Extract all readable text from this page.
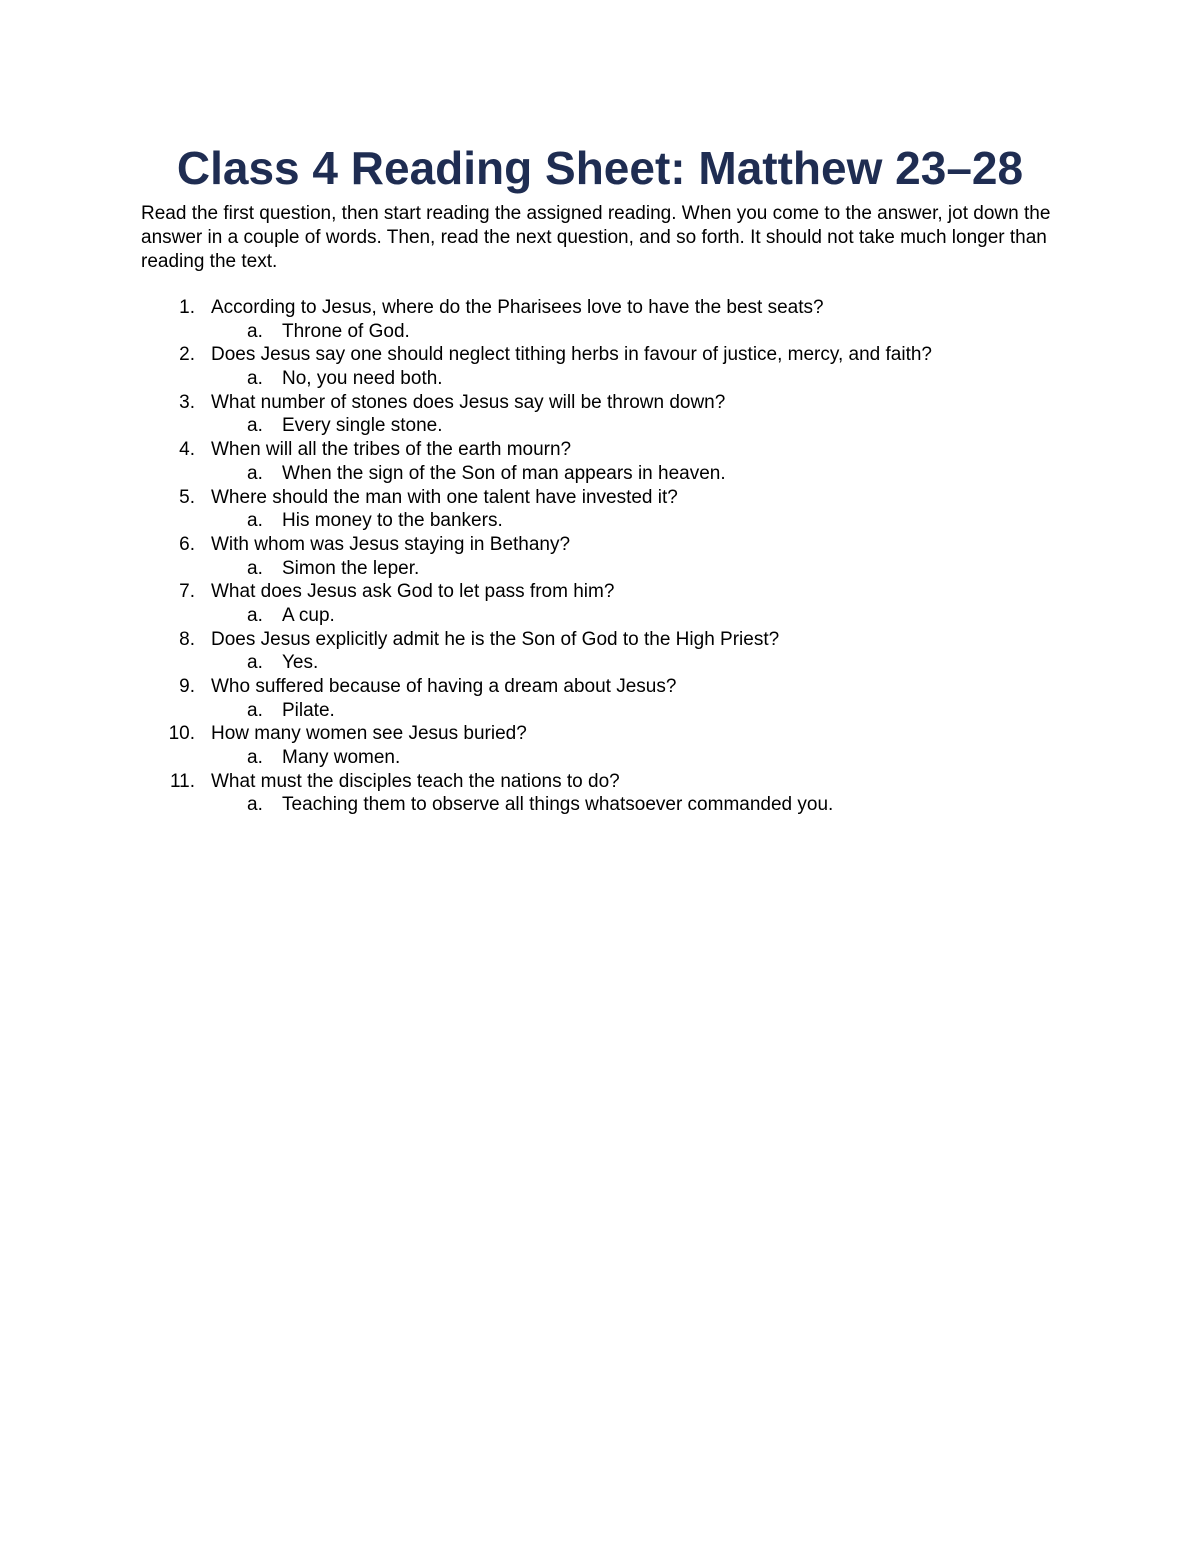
Class 4 Reading Sheet: Matthew 23–28

Read the first question, then start reading the assigned reading. When you come to the answer, jot down the answer in a couple of words. Then, read the next question, and so forth. It should not take much longer than reading the text.

1. According to Jesus, where do the Pharisees love to have the best seats?
a. Throne of God.
2. Does Jesus say one should neglect tithing herbs in favour of justice, mercy, and faith?
a. No, you need both.
3. What number of stones does Jesus say will be thrown down?
a. Every single stone.
4. When will all the tribes of the earth mourn?
a. When the sign of the Son of man appears in heaven.
5. Where should the man with one talent have invested it?
a. His money to the bankers.
6. With whom was Jesus staying in Bethany?
a. Simon the leper.
7. What does Jesus ask God to let pass from him?
a. A cup.
8. Does Jesus explicitly admit he is the Son of God to the High Priest?
a. Yes.
9. Who suffered because of having a dream about Jesus?
a. Pilate.
10. How many women see Jesus buried?
a. Many women.
11. What must the disciples teach the nations to do?
a. Teaching them to observe all things whatsoever commanded you.
